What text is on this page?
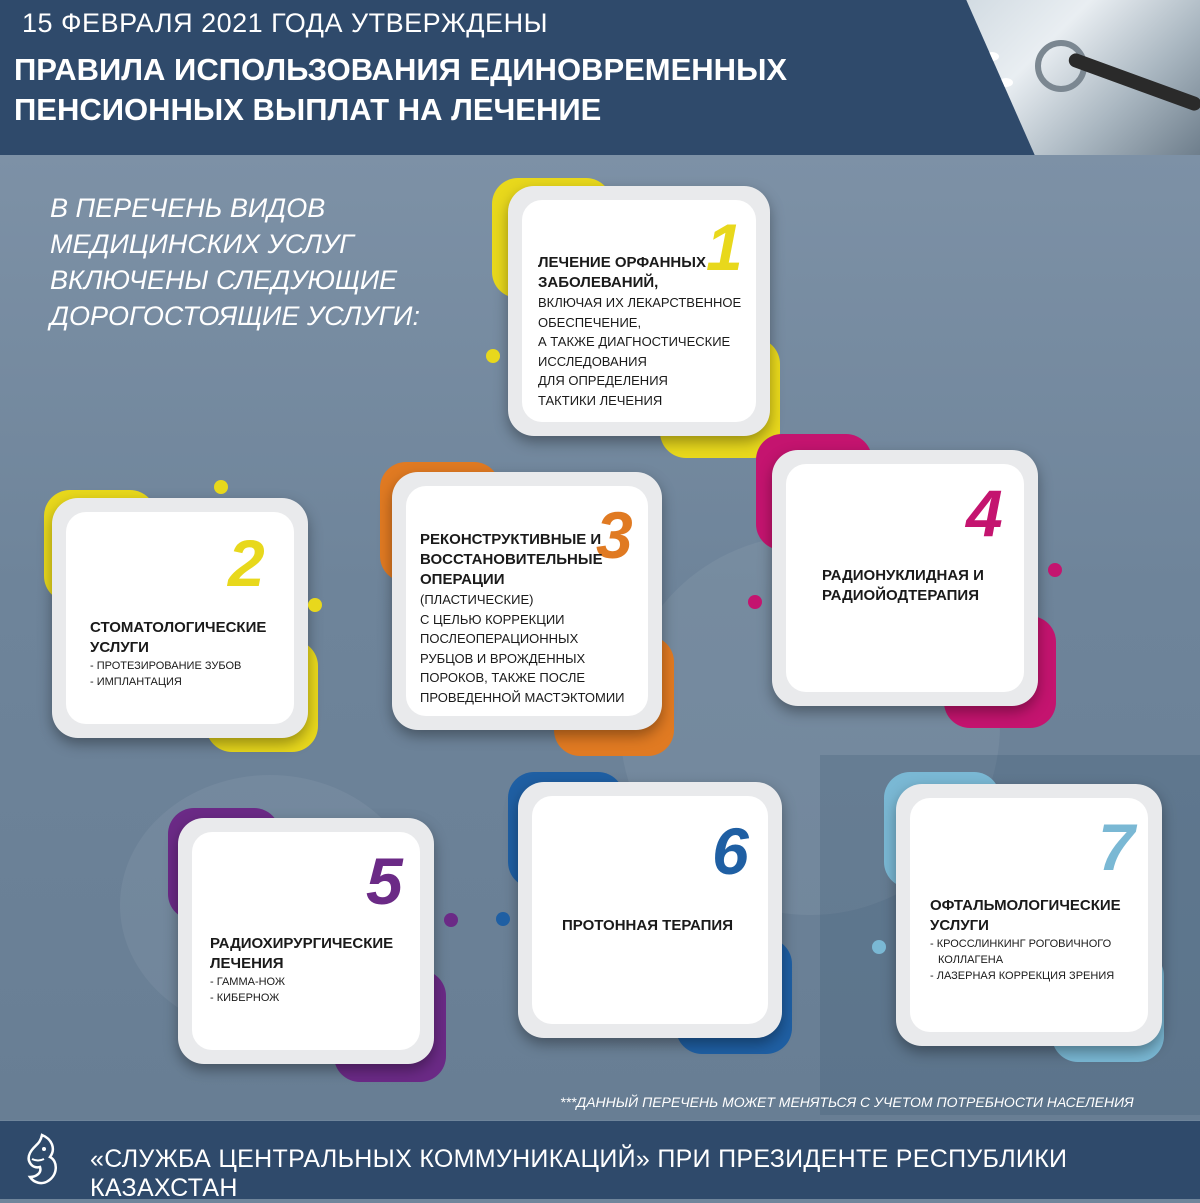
15 ФЕВРАЛЯ 2021 ГОДА УТВЕРЖДЕНЫ
ПРАВИЛА ИСПОЛЬЗОВАНИЯ ЕДИНОВРЕМЕННЫХ
ПЕНСИОННЫХ ВЫПЛАТ НА ЛЕЧЕНИЕ
В ПЕРЕЧЕНЬ ВИДОВ
МЕДИЦИНСКИХ УСЛУГ
ВКЛЮЧЕНЫ СЛЕДУЮЩИЕ
ДОРОГОСТОЯЩИЕ УСЛУГИ:
1
ЛЕЧЕНИЕ ОРФАННЫХ
ЗАБОЛЕВАНИЙ,
ВКЛЮЧАЯ ИХ ЛЕКАРСТВЕННОЕ
ОБЕСПЕЧЕНИЕ,
А ТАКЖЕ ДИАГНОСТИЧЕСКИЕ
ИССЛЕДОВАНИЯ
ДЛЯ ОПРЕДЕЛЕНИЯ
ТАКТИКИ ЛЕЧЕНИЯ
2
СТОМАТОЛОГИЧЕСКИЕ
УСЛУГИ
- ПРОТЕЗИРОВАНИЕ ЗУБОВ
- ИМПЛАНТАЦИЯ
3
РЕКОНСТРУКТИВНЫЕ И
ВОССТАНОВИТЕЛЬНЫЕ
ОПЕРАЦИИ
(ПЛАСТИЧЕСКИЕ)
С ЦЕЛЬЮ КОРРЕКЦИИ
ПОСЛЕОПЕРАЦИОННЫХ
РУБЦОВ И ВРОЖДЕННЫХ
ПОРОКОВ, ТАКЖЕ ПОСЛЕ
ПРОВЕДЕННОЙ МАСТЭКТОМИИ
4
РАДИОНУКЛИДНАЯ И
РАДИОЙОДТЕРАПИЯ
5
РАДИОХИРУРГИЧЕСКИЕ
ЛЕЧЕНИЯ
- ГАММА-НОЖ
- КИБЕРНОЖ
6
ПРОТОННАЯ ТЕРАПИЯ
7
ОФТАЛЬМОЛОГИЧЕСКИЕ
УСЛУГИ
- КРОССЛИНКИНГ РОГОВИЧНОГО
КОЛЛАГЕНА
- ЛАЗЕРНАЯ КОРРЕКЦИЯ ЗРЕНИЯ
***ДАННЫЙ ПЕРЕЧЕНЬ МОЖЕТ МЕНЯТЬСЯ С УЧЕТОМ ПОТРЕБНОСТИ НАСЕЛЕНИЯ
«СЛУЖБА ЦЕНТРАЛЬНЫХ КОММУНИКАЦИЙ» ПРИ ПРЕЗИДЕНТЕ РЕСПУБЛИКИ КАЗАХСТАН
